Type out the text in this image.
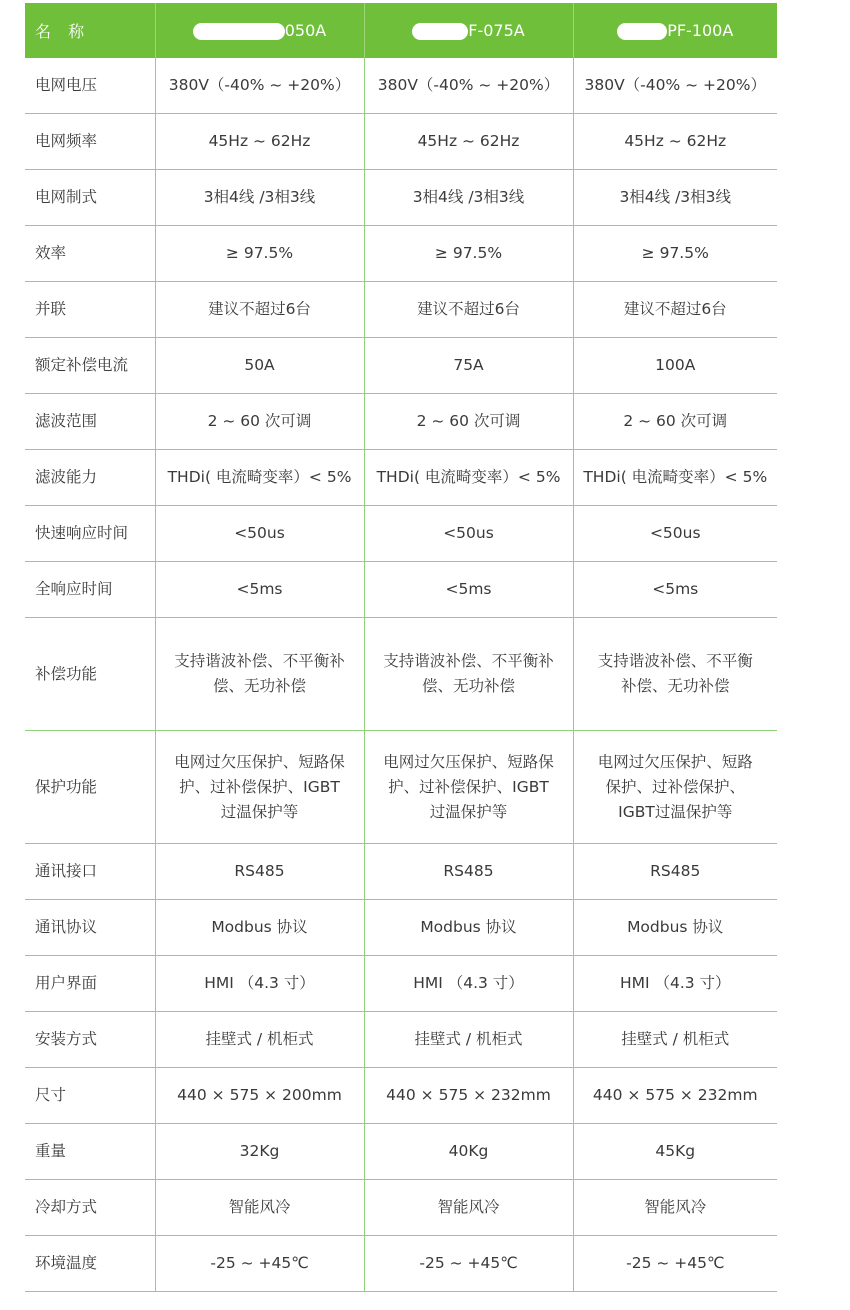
名 称	050A	F-075A	PF-100A
电网电压	380V（-40% ~ +20%）	380V（-40% ~ +20%）	380V（-40% ~ +20%）
电网频率	45Hz ~ 62Hz	45Hz ~ 62Hz	45Hz ~ 62Hz
电网制式	3相4线 /3相3线	3相4线 /3相3线	3相4线 /3相3线
效率	≥ 97.5%	≥ 97.5%	≥ 97.5%
并联	建议不超过6台	建议不超过6台	建议不超过6台
额定补偿电流	50A	75A	100A
滤波范围	2 ~ 60 次可调	2 ~ 60 次可调	2 ~ 60 次可调
滤波能力	THDi( 电流畸变率）< 5%	THDi( 电流畸变率）< 5%	THDi( 电流畸变率）< 5%
快速响应时间	<50us	<50us	<50us
全响应时间	<5ms	<5ms	<5ms
补偿功能	支持谐波补偿、不平衡补偿、无功补偿	支持谐波补偿、不平衡补偿、无功补偿	支持谐波补偿、不平衡补偿、无功补偿
保护功能	电网过欠压保护、短路保护、过补偿保护、IGBT过温保护等	电网过欠压保护、短路保护、过补偿保护、IGBT过温保护等	电网过欠压保护、短路保护、过补偿保护、IGBT过温保护等
通讯接口	RS485	RS485	RS485
通讯协议	Modbus 协议	Modbus 协议	Modbus 协议
用户界面	HMI （4.3 寸）	HMI （4.3 寸）	HMI （4.3 寸）
安装方式	挂壁式 / 机柜式	挂壁式 / 机柜式	挂壁式 / 机柜式
尺寸	440 × 575 × 200mm	440 × 575 × 232mm	440 × 575 × 232mm
重量	32Kg	40Kg	45Kg
冷却方式	智能风冷	智能风冷	智能风冷
环境温度	-25 ~ +45℃	-25 ~ +45℃	-25 ~ +45℃
